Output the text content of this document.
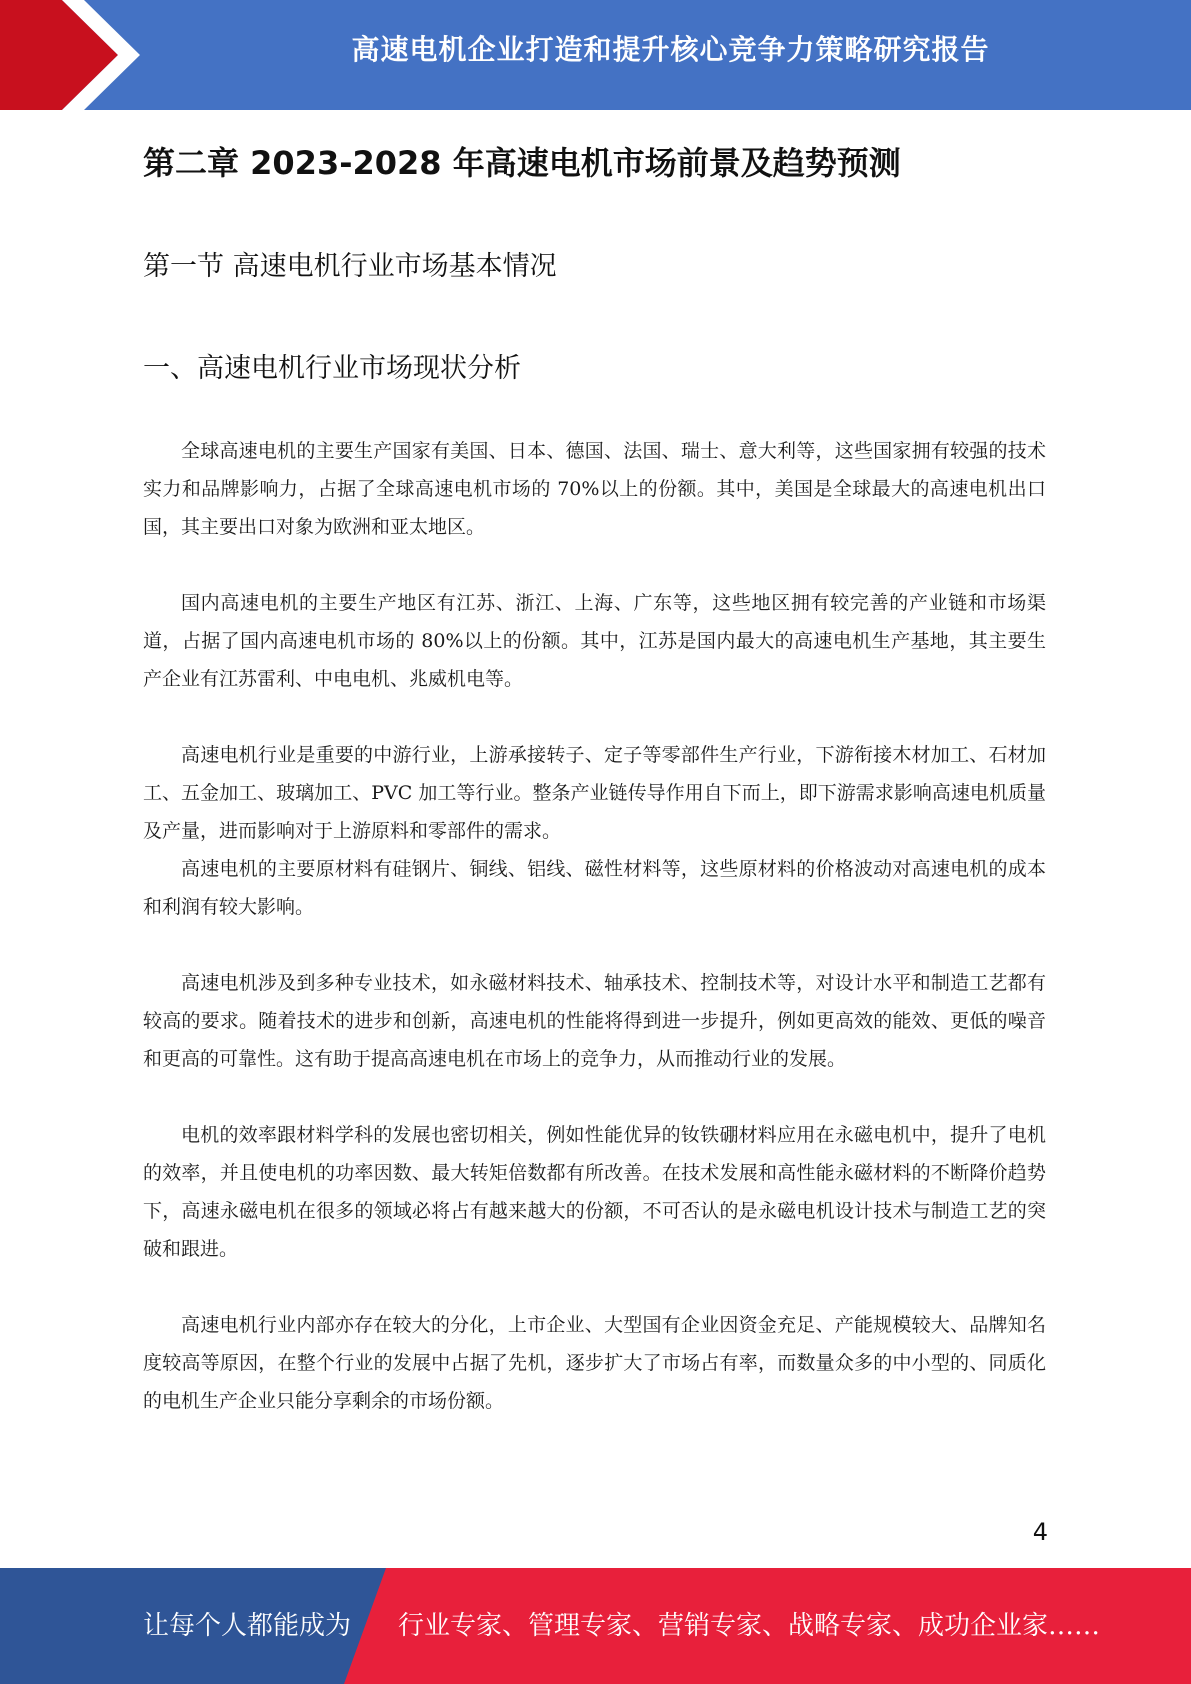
高速电机企业打造和提升核心竞争力策略研究报告
第二章 2023-2028 年高速电机市场前景及趋势预测
第一节 高速电机行业市场基本情况
一、高速电机行业市场现状分析

全球高速电机的主要生产国家有美国、日本、德国、法国、瑞士、意大利等，这些国家拥有较强的技术实力和品牌影响力，占据了全球高速电机市场的 70%以上的份额。其中，美国是全球最大的高速电机出口国，其主要出口对象为欧洲和亚太地区。

国内高速电机的主要生产地区有江苏、浙江、上海、广东等，这些地区拥有较完善的产业链和市场渠道，占据了国内高速电机市场的 80%以上的份额。其中，江苏是国内最大的高速电机生产基地，其主要生产企业有江苏雷利、中电电机、兆威机电等。

高速电机行业是重要的中游行业，上游承接转子、定子等零部件生产行业，下游衔接木材加工、石材加工、五金加工、玻璃加工、PVC 加工等行业。整条产业链传导作用自下而上，即下游需求影响高速电机质量及产量，进而影响对于上游原料和零部件的需求。

高速电机的主要原材料有硅钢片、铜线、铝线、磁性材料等，这些原材料的价格波动对高速电机的成本和利润有较大影响。

高速电机涉及到多种专业技术，如永磁材料技术、轴承技术、控制技术等，对设计水平和制造工艺都有较高的要求。随着技术的进步和创新，高速电机的性能将得到进一步提升，例如更高效的能效、更低的噪音和更高的可靠性。这有助于提高高速电机在市场上的竞争力，从而推动行业的发展。

电机的效率跟材料学科的发展也密切相关，例如性能优异的钕铁硼材料应用在永磁电机中，提升了电机的效率，并且使电机的功率因数、最大转矩倍数都有所改善。在技术发展和高性能永磁材料的不断降价趋势下，高速永磁电机在很多的领域必将占有越来越大的份额，不可否认的是永磁电机设计技术与制造工艺的突破和跟进。

高速电机行业内部亦存在较大的分化，上市企业、大型国有企业因资金充足、产能规模较大、品牌知名度较高等原因，在整个行业的发展中占据了先机，逐步扩大了市场占有率，而数量众多的中小型的、同质化的电机生产企业只能分享剩余的市场份额。

4
让每个人都能成为 行业专家、管理专家、营销专家、战略专家、成功企业家……
